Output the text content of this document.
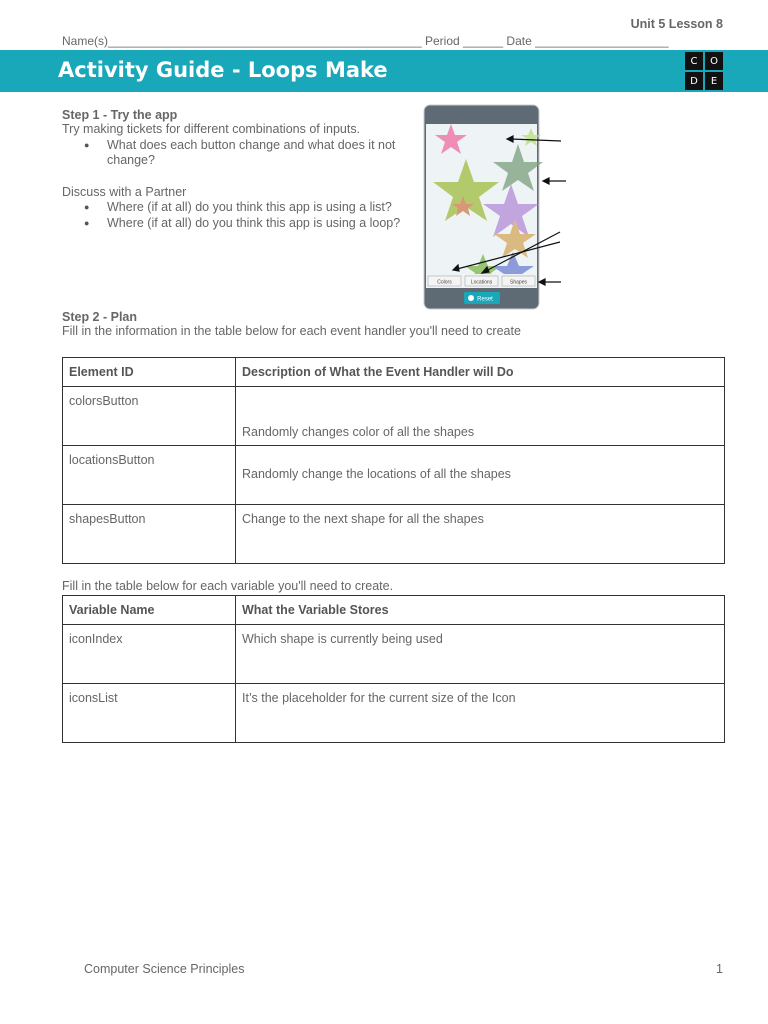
Unit 5 Lesson 8
Name(s)_______________________________________________ Period ______ Date ____________________
Activity Guide - Loops Make	C	O
D	E
Step 1 - Try the app
Try making tickets for different combinations of inputs.
● What does each button change and what does it not change?
Discuss with a Partner
● Where (if at all) do you think this app is using a list?
● Where (if at all) do you think this app is using a loop?
Colors	Locations	Shapes
Reset
Step 2 - Plan
Fill in the information in the table below for each event handler you'll need to create
Element ID	Description of What the Event Handler will Do
colorsButton	Randomly changes color of all the shapes
locationsButton	Randomly change the locations of all the shapes
shapesButton	Change to the next shape for all the shapes
Fill in the table below for each variable you'll need to create.
Variable Name	What the Variable Stores
iconIndex	Which shape is currently being used
iconsList	It’s the placeholder for the current size of the Icon
Computer Science Principles	1
